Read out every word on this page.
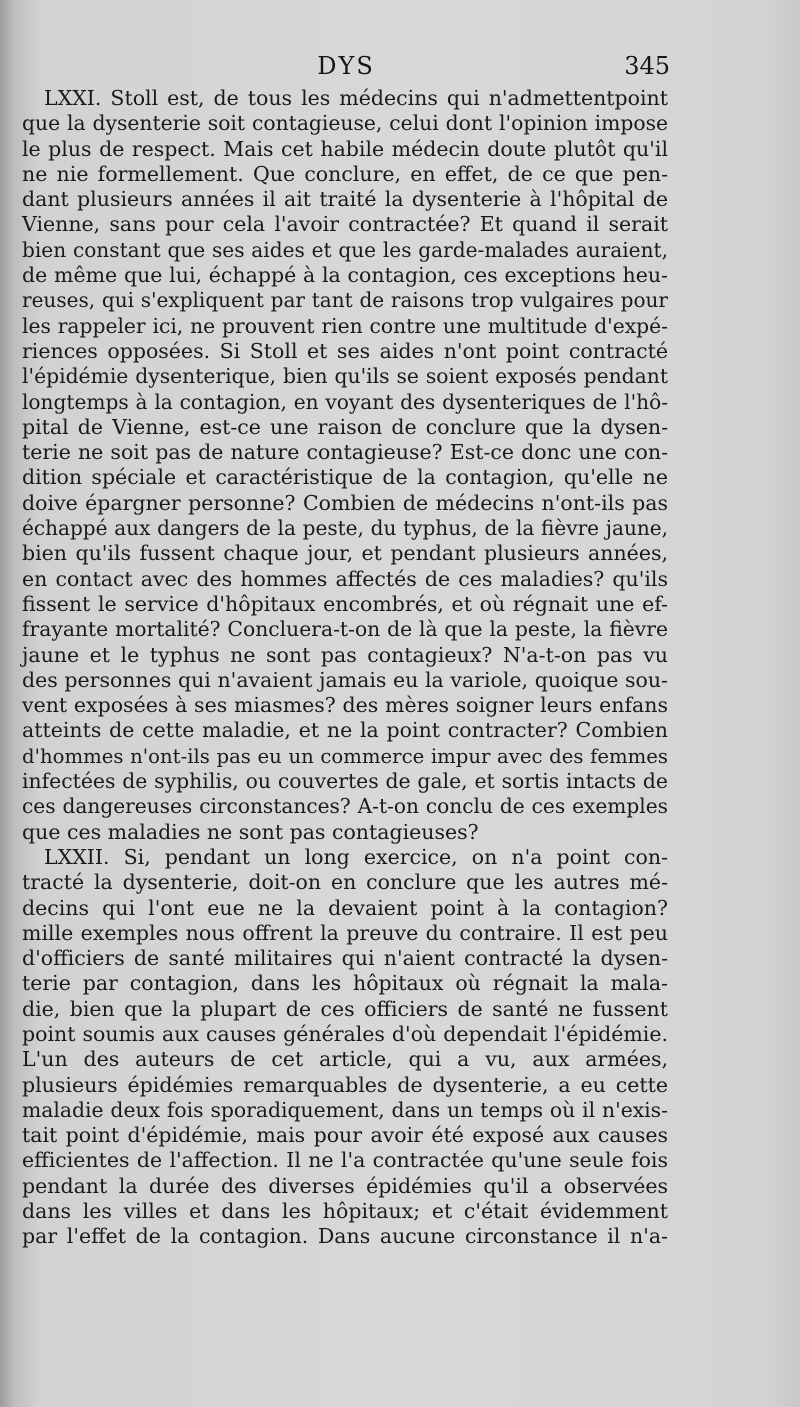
DYS	345
LXXI. Stoll est, de tous les médecins qui n'admettentpoint
que la dysenterie soit contagieuse, celui dont l'opinion impose
le plus de respect. Mais cet habile médecin doute plutôt qu'il
ne nie formellement. Que conclure, en effet, de ce que pen-
dant plusieurs années il ait traité la dysenterie à l'hôpital de
Vienne, sans pour cela l'avoir contractée? Et quand il serait
bien constant que ses aides et que les garde-malades auraient,
de même que lui, échappé à la contagion, ces exceptions heu-
reuses, qui s'expliquent par tant de raisons trop vulgaires pour
les rappeler ici, ne prouvent rien contre une multitude d'expé-
riences opposées. Si Stoll et ses aides n'ont point contracté
l'épidémie dysenterique, bien qu'ils se soient exposés pendant
longtemps à la contagion, en voyant des dysenteriques de l'hô-
pital de Vienne, est-ce une raison de conclure que la dysen-
terie ne soit pas de nature contagieuse? Est-ce donc une con-
dition spéciale et caractéristique de la contagion, qu'elle ne
doive épargner personne? Combien de médecins n'ont-ils pas
échappé aux dangers de la peste, du typhus, de la fièvre jaune,
bien qu'ils fussent chaque jour, et pendant plusieurs années,
en contact avec des hommes affectés de ces maladies? qu'ils
fissent le service d'hôpitaux encombrés, et où régnait une ef-
frayante mortalité? Concluera-t-on de là que la peste, la fièvre
jaune et le typhus ne sont pas contagieux? N'a-t-on pas vu
des personnes qui n'avaient jamais eu la variole, quoique sou-
vent exposées à ses miasmes? des mères soigner leurs enfans
atteints de cette maladie, et ne la point contracter? Combien
d'hommes n'ont-ils pas eu un commerce impur avec des femmes
infectées de syphilis, ou couvertes de gale, et sortis intacts de
ces dangereuses circonstances? A-t-on conclu de ces exemples
que ces maladies ne sont pas contagieuses?
LXXII. Si, pendant un long exercice, on n'a point con-
tracté la dysenterie, doit-on en conclure que les autres mé-
decins qui l'ont eue ne la devaient point à la contagion?
mille exemples nous offrent la preuve du contraire. Il est peu
d'officiers de santé militaires qui n'aient contracté la dysen-
terie par contagion, dans les hôpitaux où régnait la mala-
die, bien que la plupart de ces officiers de santé ne fussent
point soumis aux causes générales d'où dependait l'épidémie.
L'un des auteurs de cet article, qui a vu, aux armées,
plusieurs épidémies remarquables de dysenterie, a eu cette
maladie deux fois sporadiquement, dans un temps où il n'exis-
tait point d'épidémie, mais pour avoir été exposé aux causes
efficientes de l'affection. Il ne l'a contractée qu'une seule fois
pendant la durée des diverses épidémies qu'il a observées
dans les villes et dans les hôpitaux; et c'était évidemment
par l'effet de la contagion. Dans aucune circonstance il n'a-
